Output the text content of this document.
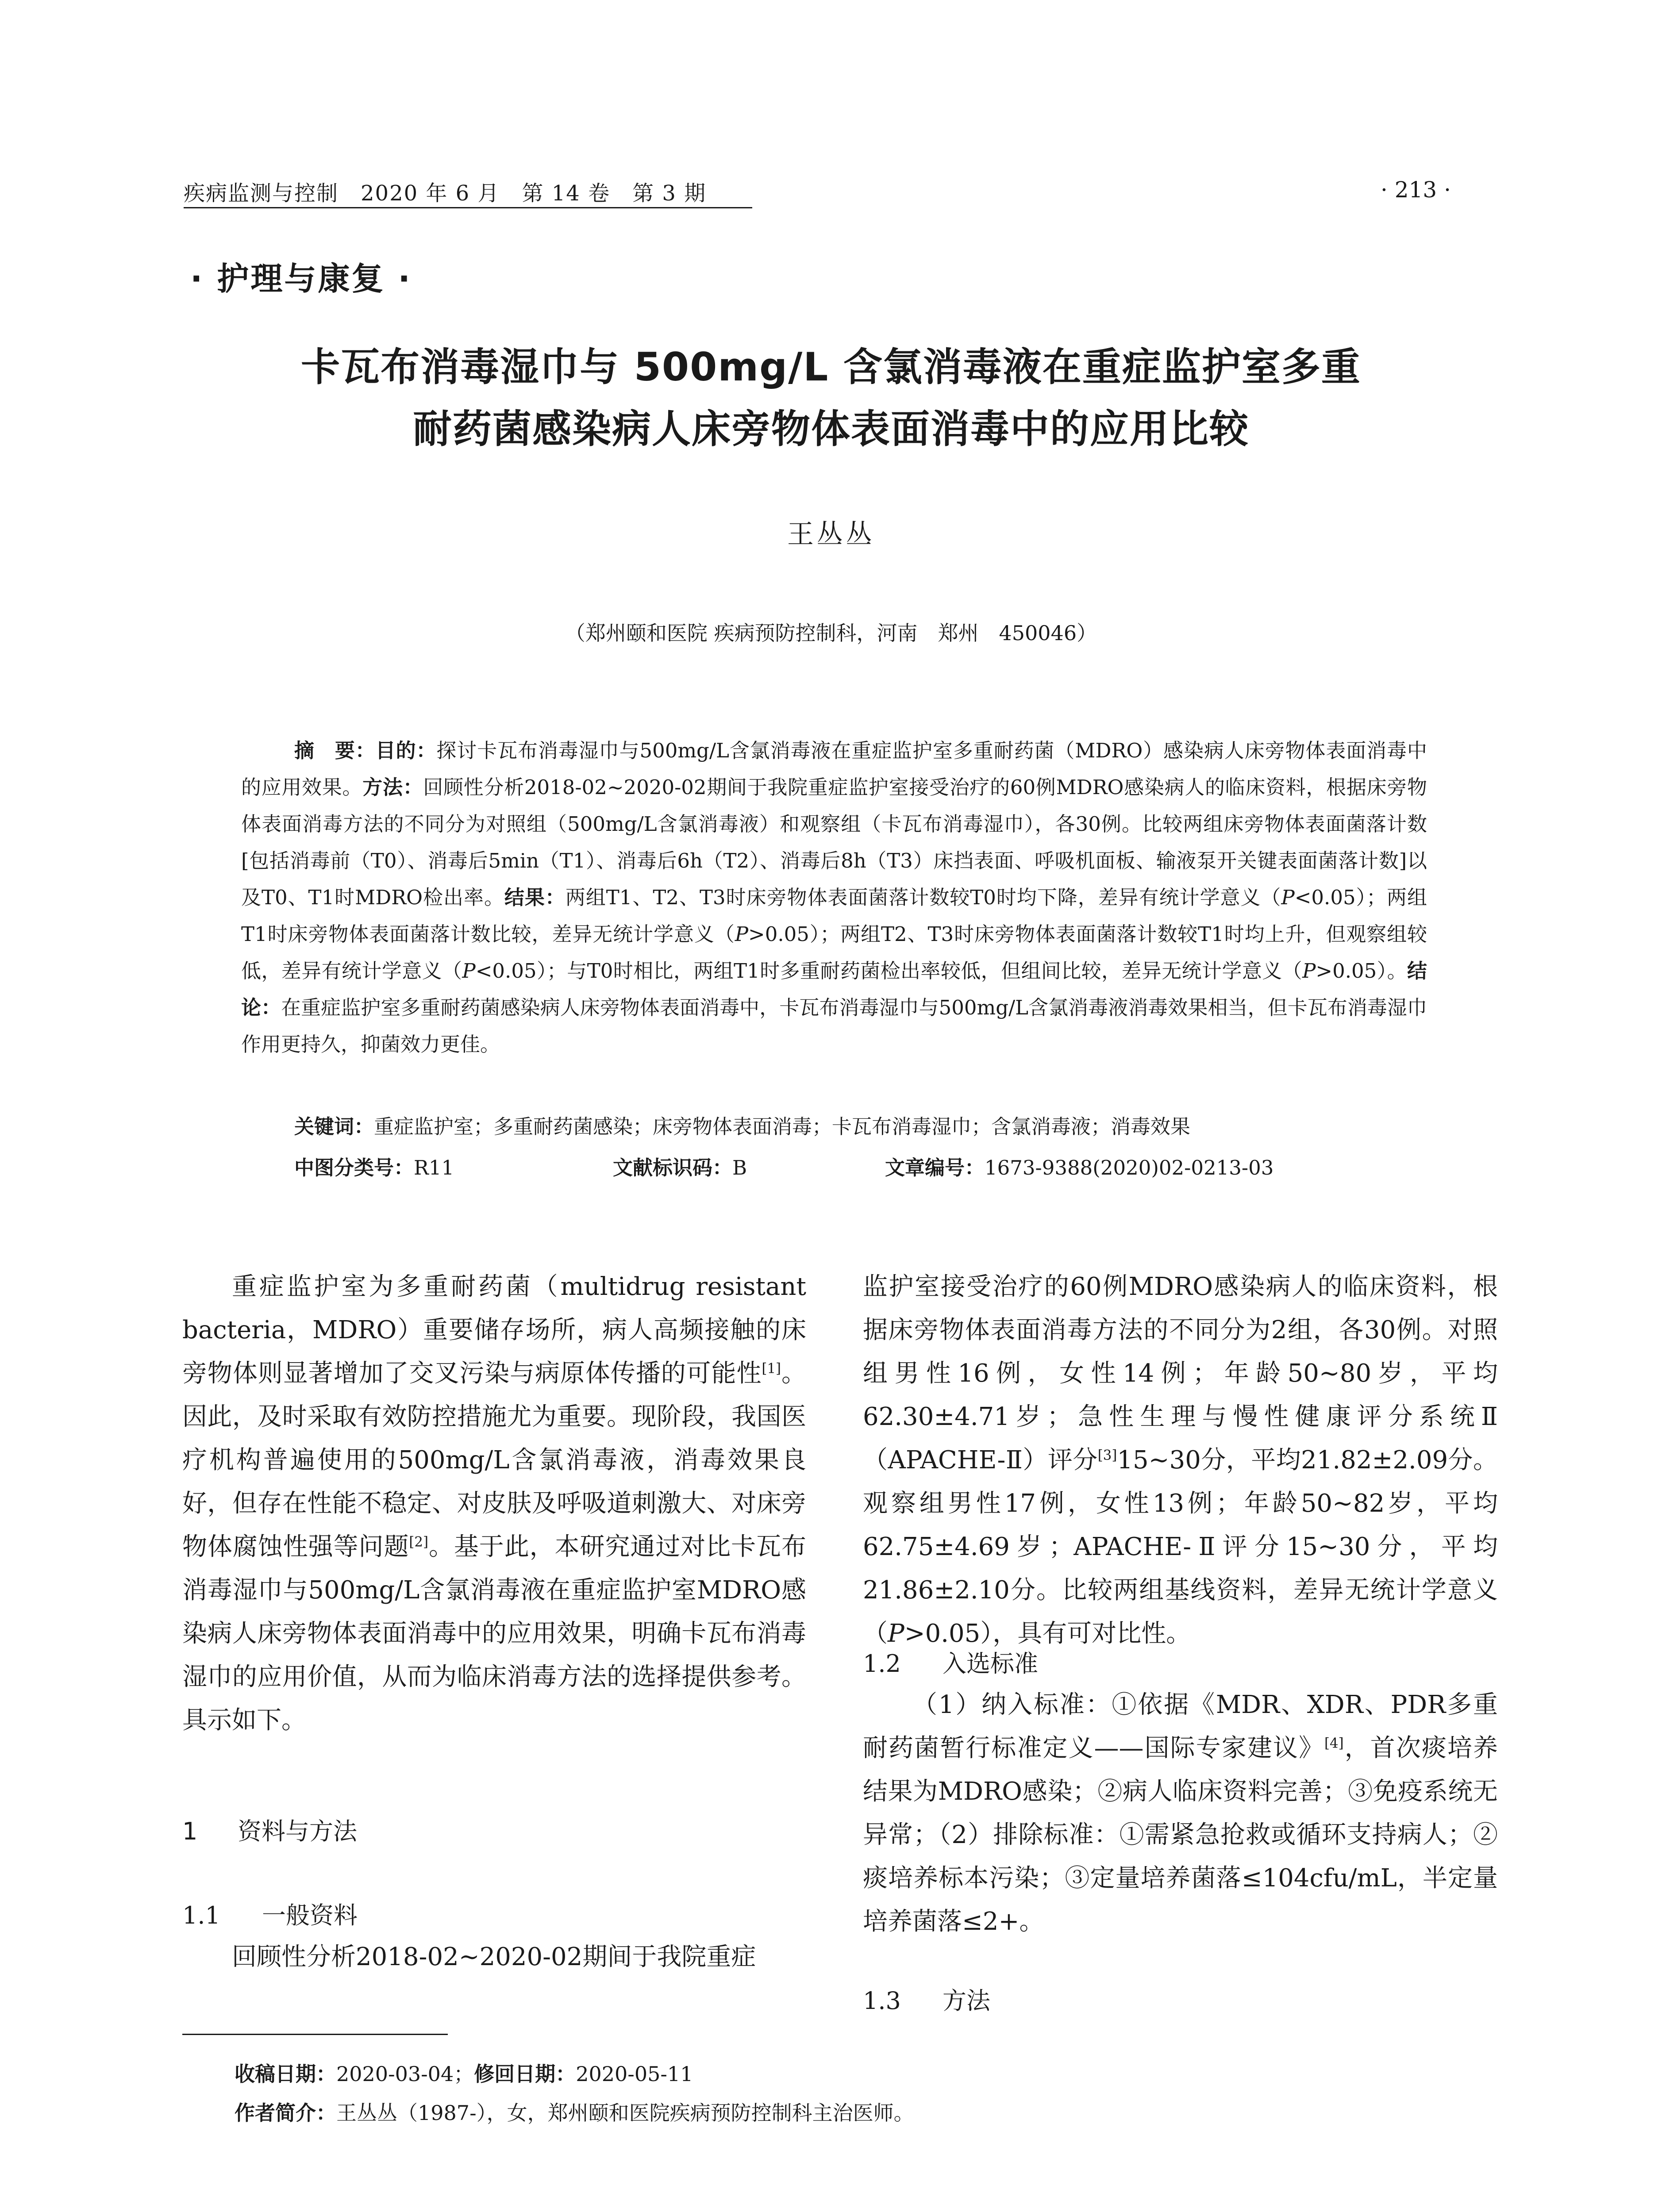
疾病监测与控制　2020 年 6 月　第 14 卷　第 3 期	· 213 ·
· 护理与康复 ·
卡瓦布消毒湿巾与 500mg/L 含氯消毒液在重症监护室多重
耐药菌感染病人床旁物体表面消毒中的应用比较
王丛丛
（郑州颐和医院 疾病预防控制科，河南　郑州　450046）
摘　要：目的：探讨卡瓦布消毒湿巾与500mg/L含氯消毒液在重症监护室多重耐药菌（MDRO）感染病人床旁物体表面消毒中的应用效果。方法：回顾性分析2018-02~2020-02期间于我院重症监护室接受治疗的60例MDRO感染病人的临床资料，根据床旁物体表面消毒方法的不同分为对照组（500mg/L含氯消毒液）和观察组（卡瓦布消毒湿巾），各30例。比较两组床旁物体表面菌落计数[包括消毒前（T0）、消毒后5min（T1）、消毒后6h（T2）、消毒后8h（T3）床挡表面、呼吸机面板、输液泵开关键表面菌落计数]以及T0、T1时MDRO检出率。结果：两组T1、T2、T3时床旁物体表面菌落计数较T0时均下降，差异有统计学意义（P<0.05）；两组T1时床旁物体表面菌落计数比较，差异无统计学意义（P>0.05）；两组T2、T3时床旁物体表面菌落计数较T1时均上升，但观察组较低，差异有统计学意义（P<0.05）；与T0时相比，两组T1时多重耐药菌检出率较低，但组间比较，差异无统计学意义（P>0.05）。结论：在重症监护室多重耐药菌感染病人床旁物体表面消毒中，卡瓦布消毒湿巾与500mg/L含氯消毒液消毒效果相当，但卡瓦布消毒湿巾作用更持久，抑菌效力更佳。
关键词：重症监护室；多重耐药菌感染；床旁物体表面消毒；卡瓦布消毒湿巾；含氯消毒液；消毒效果
中图分类号：R11	文献标识码：B	文章编号：1673-9388(2020)02-0213-03

重症监护室为多重耐药菌（multidrug resistant bacteria，MDRO）重要储存场所，病人高频接触的床旁物体则显著增加了交叉污染与病原体传播的可能性[1]。因此，及时采取有效防控措施尤为重要。现阶段，我国医疗机构普遍使用的500mg/L含氯消毒液，消毒效果良好，但存在性能不稳定、对皮肤及呼吸道刺激大、对床旁物体腐蚀性强等问题[2]。基于此，本研究通过对比卡瓦布消毒湿巾与500mg/L含氯消毒液在重症监护室MDRO感染病人床旁物体表面消毒中的应用效果，明确卡瓦布消毒湿巾的应用价值，从而为临床消毒方法的选择提供参考。具示如下。

1 资料与方法
1.1 一般资料

回顾性分析2018-02~2020-02期间于我院重症

监护室接受治疗的60例MDRO感染病人的临床资料，根据床旁物体表面消毒方法的不同分为2组，各30例。对照组男性16例，女性14例；年龄50~80岁，平均62.30±4.71岁；急性生理与慢性健康评分系统Ⅱ（APACHE-Ⅱ）评分[3]15~30分，平均21.82±2.09分。观察组男性17例，女性13例；年龄50~82岁，平均62.75±4.69岁；APACHE-Ⅱ评分15~30分，平均21.86±2.10分。比较两组基线资料，差异无统计学意义（P>0.05），具有可对比性。

1.2 入选标准

（1）纳入标准：①依据《MDR、XDR、PDR多重耐药菌暂行标准定义——国际专家建议》[4]，首次痰培养结果为MDRO感染；②病人临床资料完善；③免疫系统无异常；（2）排除标准：①需紧急抢救或循环支持病人；②痰培养标本污染；③定量培养菌落≤104cfu/mL，半定量培养菌落≤2+。

1.3 方法
收稿日期：2020-03-04；修回日期：2020-05-11
作者简介：王丛丛（1987-），女，郑州颐和医院疾病预防控制科主治医师。
